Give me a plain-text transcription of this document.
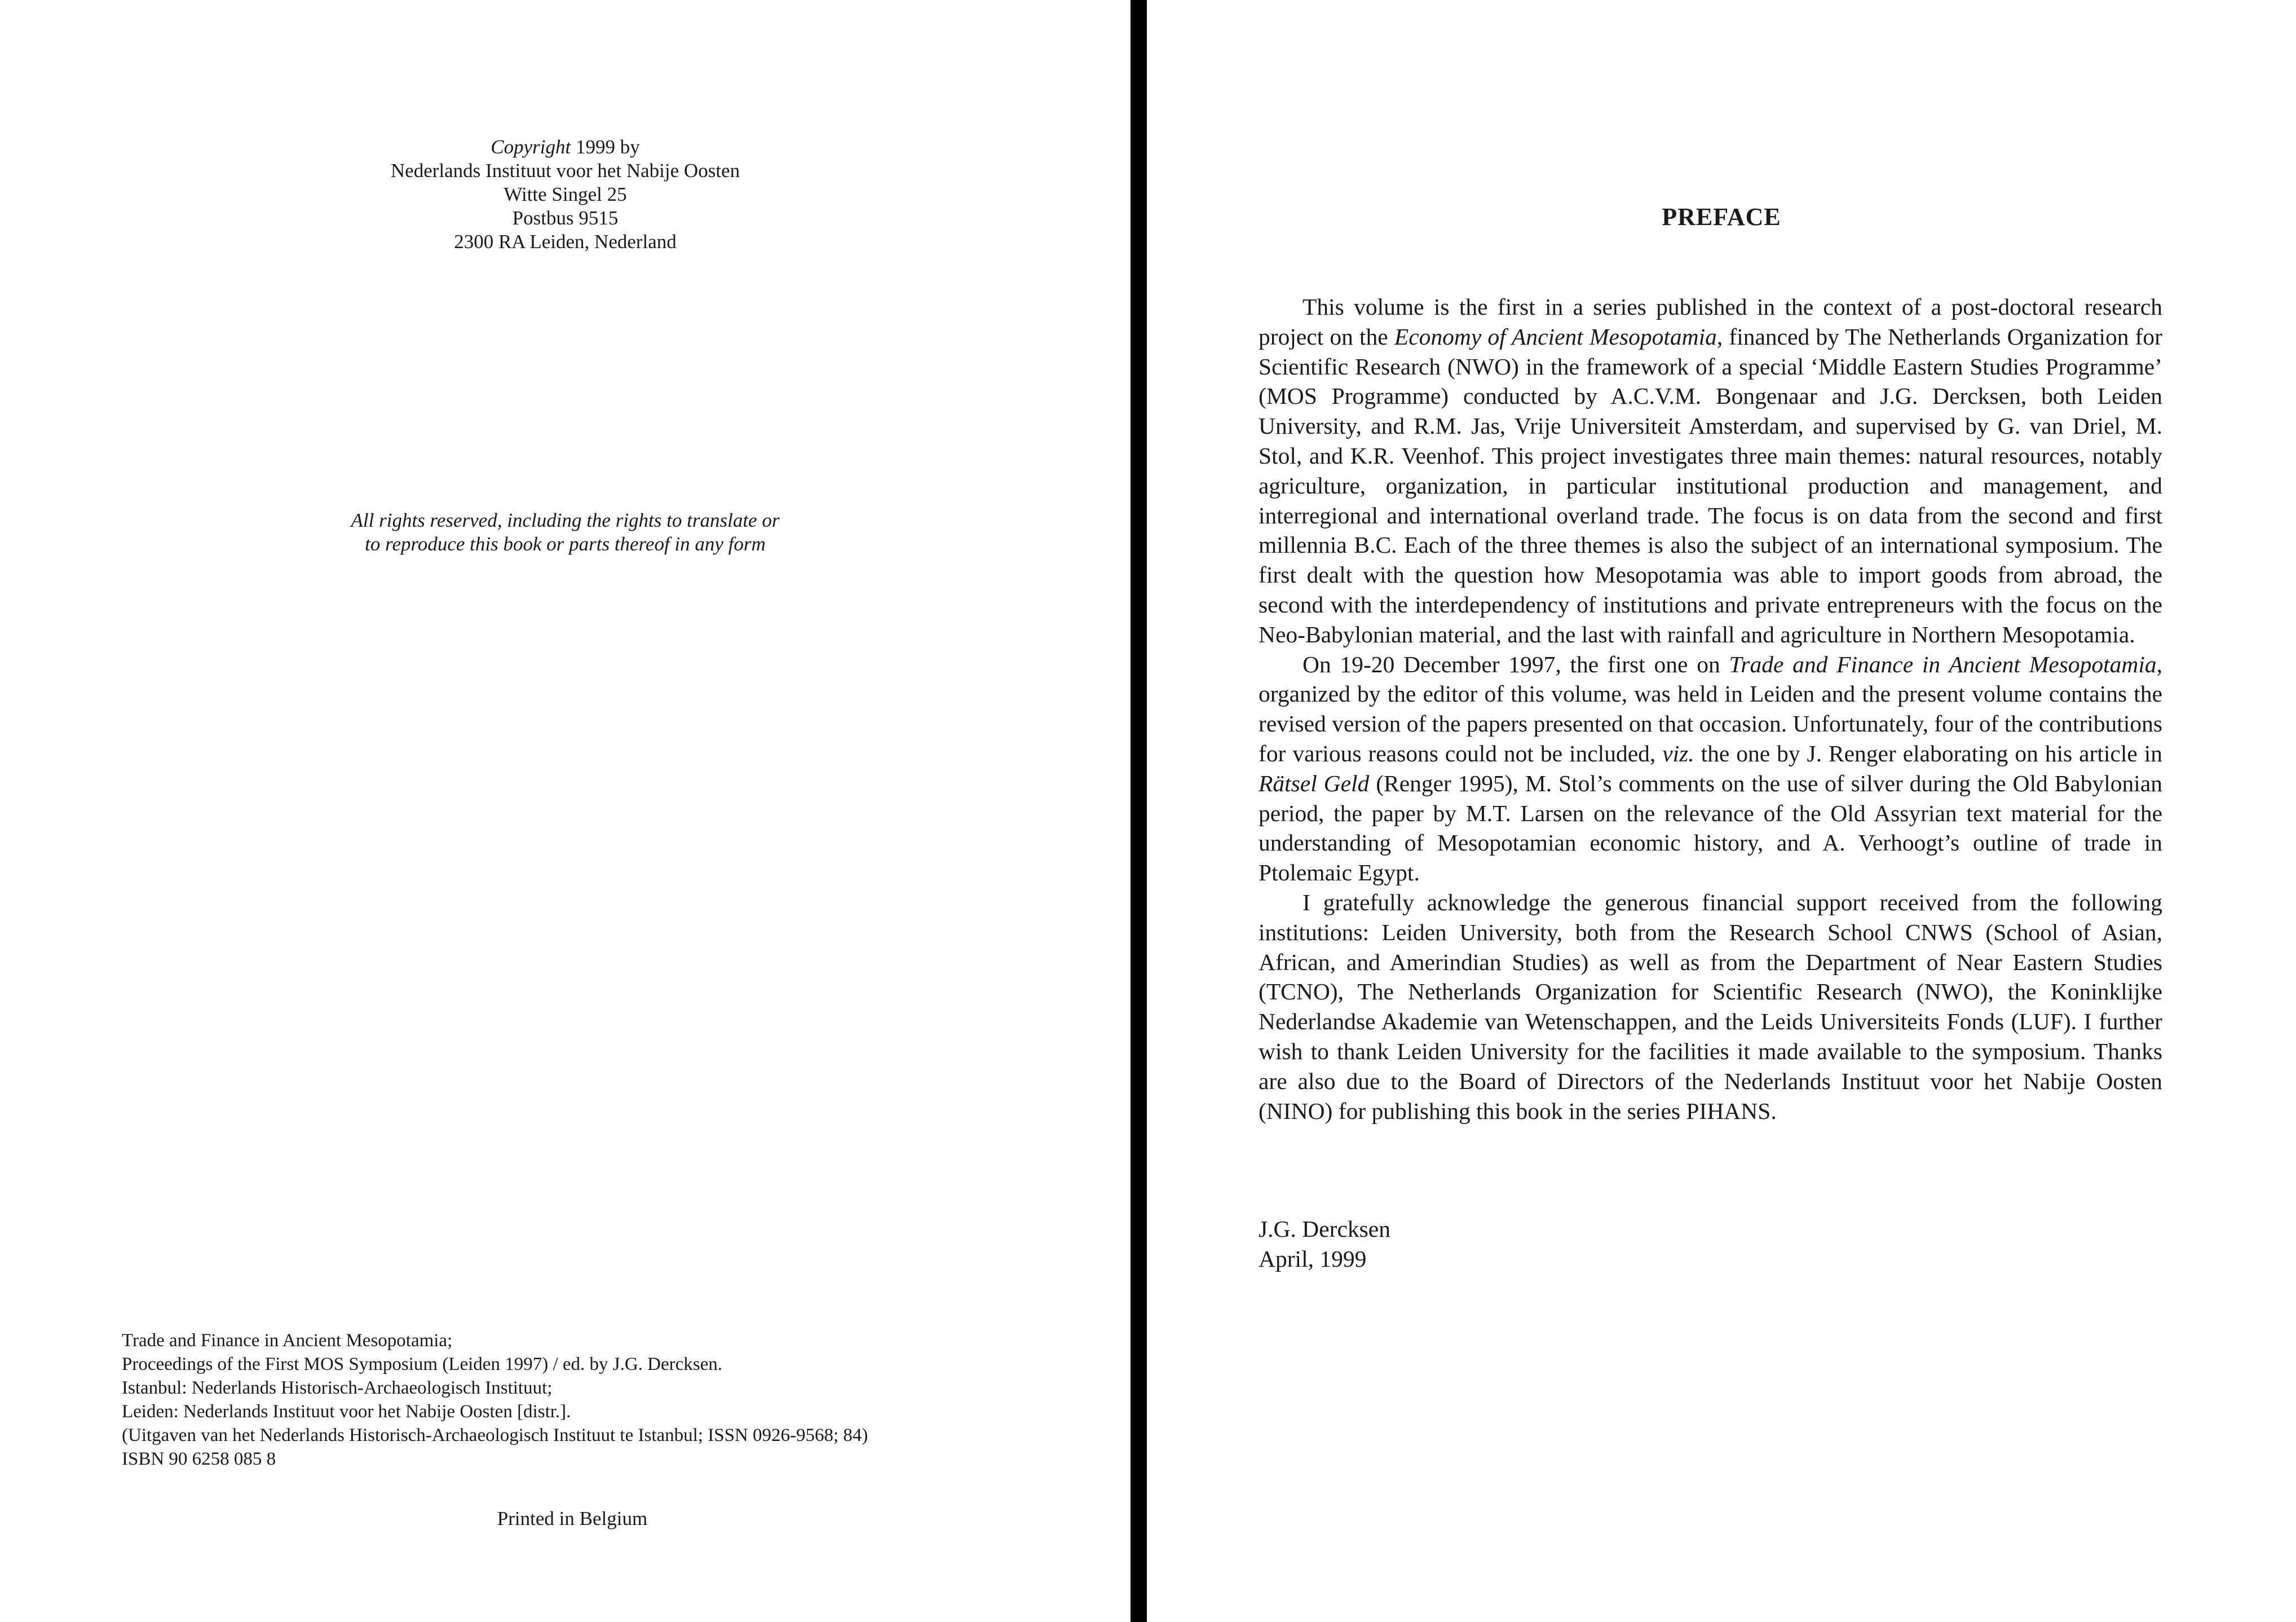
Copyright 1999 by
Nederlands Instituut voor het Nabije Oosten
Witte Singel 25
Postbus 9515
2300 RA Leiden, Nederland
All rights reserved, including the rights to translate or
to reproduce this book or parts thereof in any form
Trade and Finance in Ancient Mesopotamia;
Proceedings of the First MOS Symposium (Leiden 1997) / ed. by J.G. Dercksen.
Istanbul: Nederlands Historisch-Archaeologisch Instituut;
Leiden: Nederlands Instituut voor het Nabije Oosten [distr.].
(Uitgaven van het Nederlands Historisch-Archaeologisch Instituut te Istanbul; ISSN 0926-9568; 84)
ISBN 90 6258 085 8
Printed in Belgium
PREFACE

This volume is the first in a series published in the context of a post-doctoral research project on the Economy of Ancient Mesopotamia, financed by The Netherlands Organization for Scientific Research (NWO) in the framework of a special ‘Middle Eastern Studies Programme’ (MOS Programme) conducted by A.C.V.M. Bongenaar and J.G. Dercksen, both Leiden University, and R.M. Jas, Vrije Universiteit Amsterdam, and supervised by G. van Driel, M. Stol, and K.R. Veenhof. This project investigates three main themes: natural resources, notably agriculture, organization, in particular institutional production and management, and interregional and international overland trade. The focus is on data from the second and first millennia B.C. Each of the three themes is also the subject of an international symposium. The first dealt with the question how Mesopotamia was able to import goods from abroad, the second with the interdependency of institutions and private entrepreneurs with the focus on the Neo-Babylonian material, and the last with rainfall and agriculture in Northern Mesopotamia.

On 19-20 December 1997, the first one on Trade and Finance in Ancient Mesopotamia, organized by the editor of this volume, was held in Leiden and the present volume contains the revised version of the papers presented on that occasion. Unfortunately, four of the contributions for various reasons could not be included, viz. the one by J. Renger elaborating on his article in Rätsel Geld (Renger 1995), M. Stol’s comments on the use of silver during the Old Babylonian period, the paper by M.T. Larsen on the relevance of the Old Assyrian text material for the understanding of Mesopotamian economic history, and A. Verhoogt’s outline of trade in Ptolemaic Egypt.

I gratefully acknowledge the generous financial support received from the following institutions: Leiden University, both from the Research School CNWS (School of Asian, African, and Amerindian Studies) as well as from the Department of Near Eastern Studies (TCNO), The Netherlands Organization for Scientific Research (NWO), the Koninklijke Nederlandse Akademie van Wetenschappen, and the Leids Universiteits Fonds (LUF). I further wish to thank Leiden University for the facilities it made available to the symposium. Thanks are also due to the Board of Directors of the Nederlands Instituut voor het Nabije Oosten (NINO) for publishing this book in the series PIHANS.

J.G. Dercksen
April, 1999
